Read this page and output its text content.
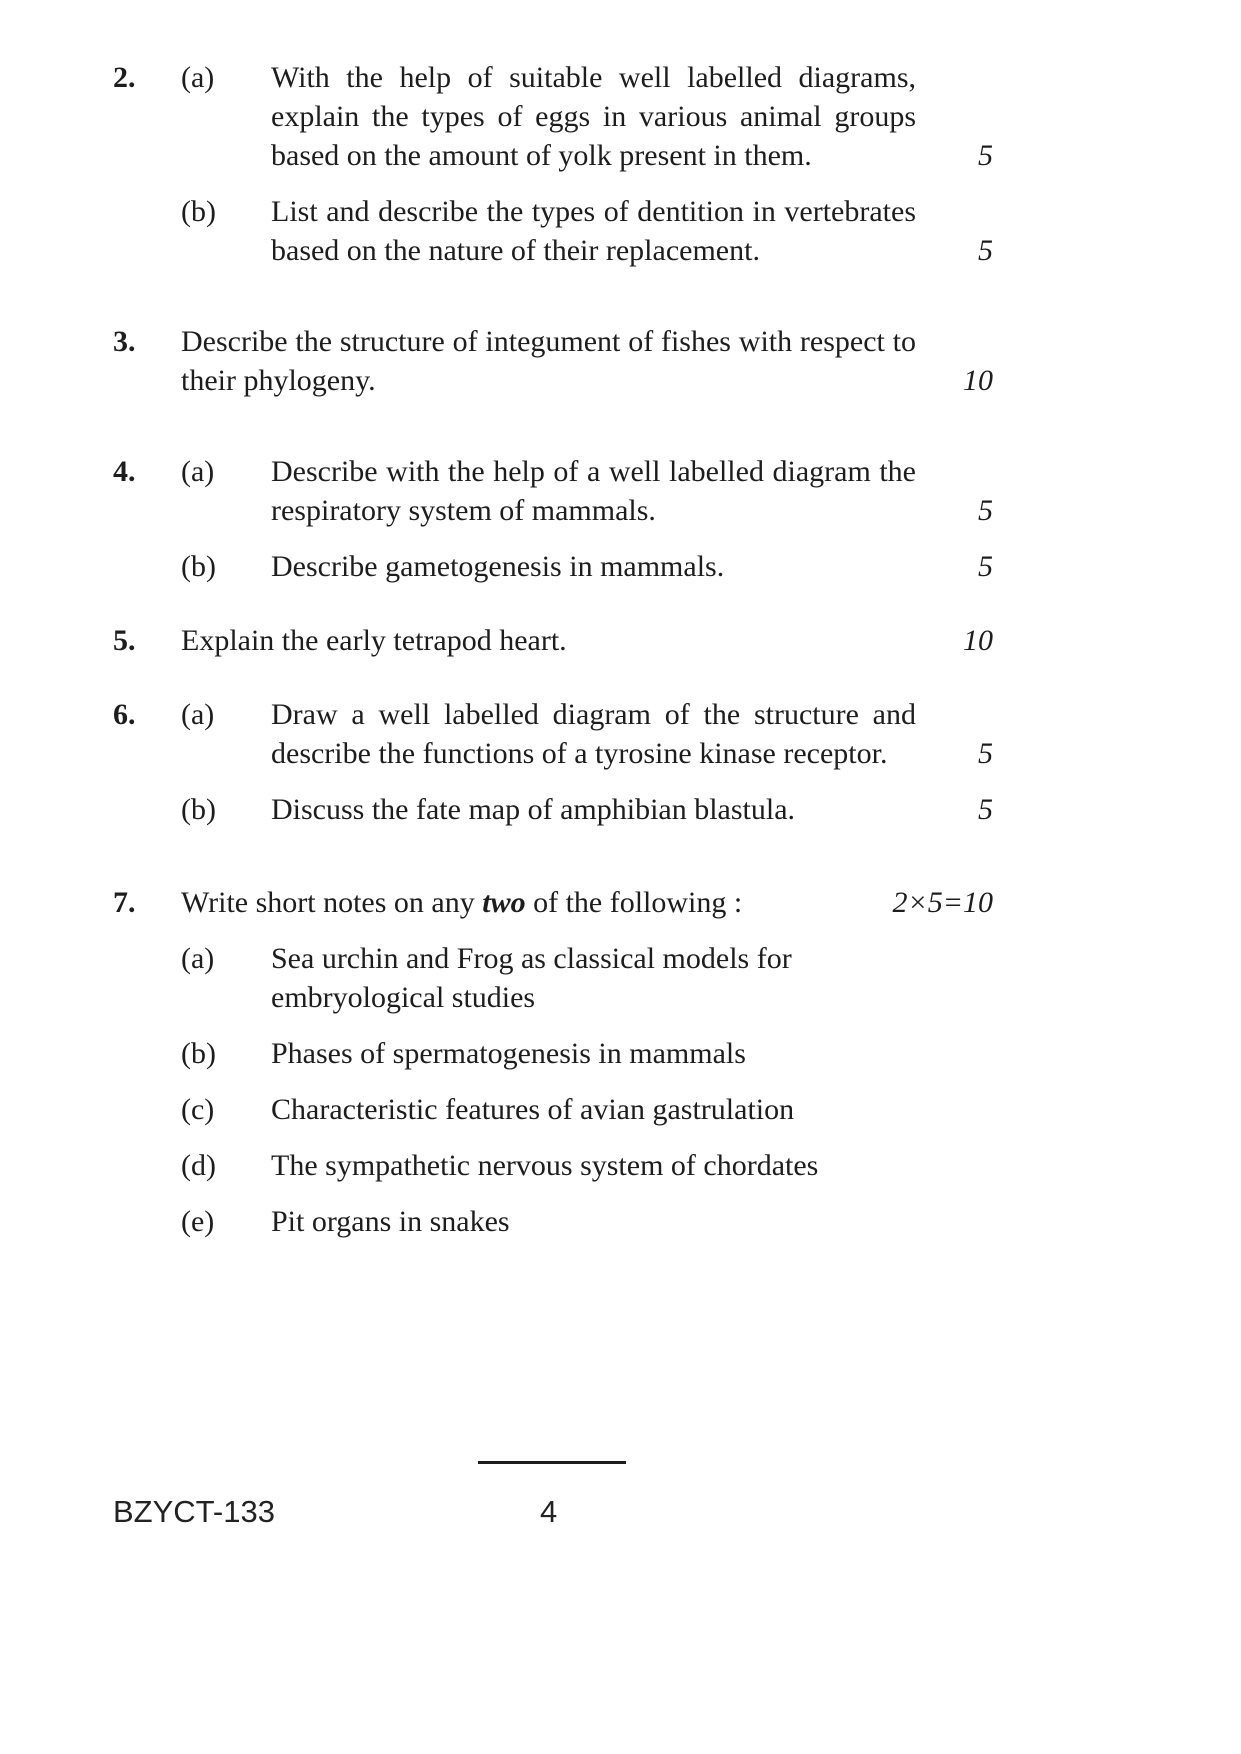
2.	(a)	With the help of suitable well labelled diagrams, explain the types of eggs in various animal groups based on the amount of yolk present in them.	5
(b)	List and describe the types of dentition in vertebrates based on the nature of their replacement.	5
3.	Describe the structure of integument of fishes with respect to their phylogeny.	10
4.	(a)	Describe with the help of a well labelled diagram the respiratory system of mammals.	5
(b)	Describe gametogenesis in mammals.	5
5.	Explain the early tetrapod heart.	10
6.	(a)	Draw a well labelled diagram of the structure and describe the functions of a tyrosine kinase receptor.	5
(b)	Discuss the fate map of amphibian blastula.	5
7.	Write short notes on any two of the following :	2×5=10
(a)	Sea urchin and Frog as classical models for embryological studies
(b)	Phases of spermatogenesis in mammals
(c)	Characteristic features of avian gastrulation
(d)	The sympathetic nervous system of chordates
(e)	Pit organs in snakes
BZYCT-133	4
